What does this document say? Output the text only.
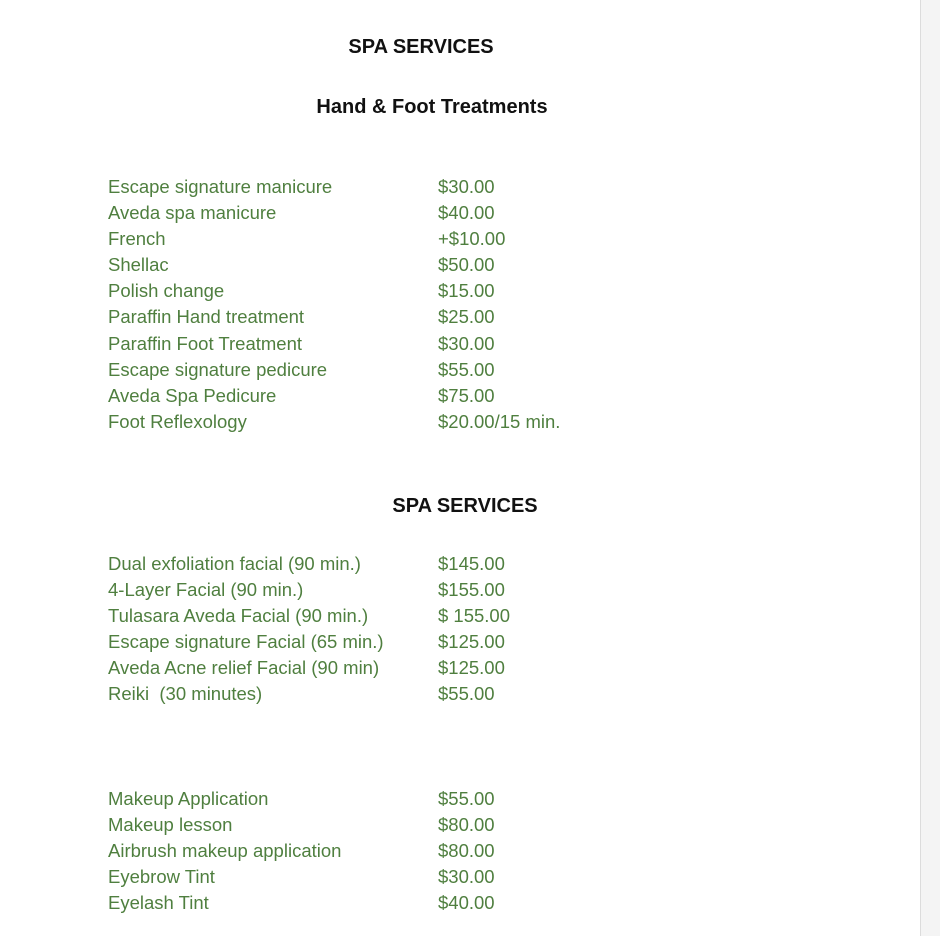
SPA SERVICES
Hand & Foot Treatments
Escape signature manicure	$30.00
Aveda spa manicure	$40.00
French	+$10.00
Shellac	$50.00
Polish change	$15.00
Paraffin Hand treatment	$25.00
Paraffin Foot Treatment	$30.00
Escape signature pedicure	$55.00
Aveda Spa Pedicure	$75.00
Foot Reflexology	$20.00/15 min.
SPA SERVICES
Dual exfoliation facial (90 min.)	$145.00
4-Layer Facial (90 min.)	$155.00
Tulasara Aveda Facial (90 min.)	$ 155.00
Escape signature Facial (65 min.)	$125.00
Aveda Acne relief Facial (90 min)	$125.00
Reiki  (30 minutes)	$55.00
Makeup Application	$55.00
Makeup lesson	$80.00
Airbrush makeup application	$80.00
Eyebrow Tint	$30.00
Eyelash Tint	$40.00
